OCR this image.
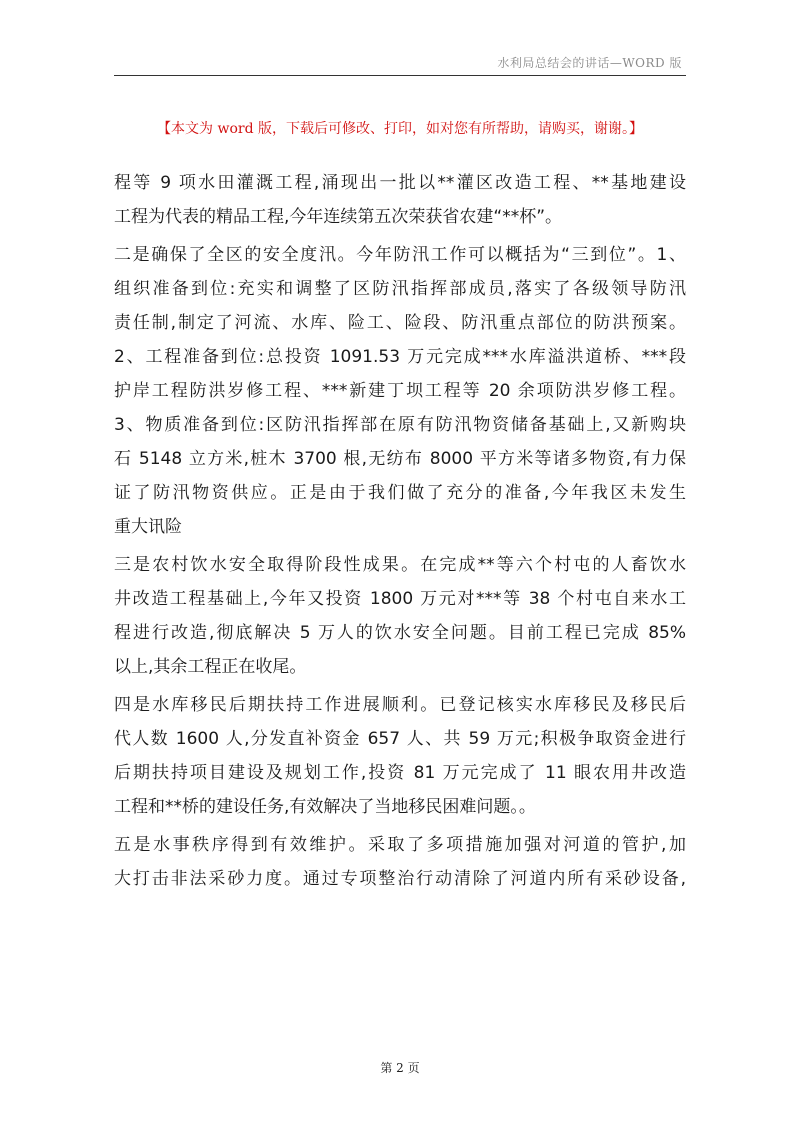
水利局总结会的讲话—WORD 版
【本文为 word 版，下载后可修改、打印，如对您有所帮助，请购买，谢谢。】
程等 9 项水田灌溉工程,涌现出一批以**灌区改造工程、**基地建设
工程为代表的精品工程,今年连续第五次荣获省农建“**杯”。
二是确保了全区的安全度汛。今年防汛工作可以概括为“三到位”。1、
组织准备到位:充实和调整了区防汛指挥部成员,落实了各级领导防汛
责任制,制定了河流、水库、险工、险段、防汛重点部位的防洪预案。
2、工程准备到位:总投资 1091.53 万元完成***水库溢洪道桥、***段
护岸工程防洪岁修工程、***新建丁坝工程等 20 余项防洪岁修工程。
3、物质准备到位:区防汛指挥部在原有防汛物资储备基础上,又新购块
石 5148 立方米,桩木 3700 根,无纺布 8000 平方米等诸多物资,有力保
证了防汛物资供应。正是由于我们做了充分的准备,今年我区未发生
重大讯险
三是农村饮水安全取得阶段性成果。在完成**等六个村屯的人畜饮水
井改造工程基础上,今年又投资 1800 万元对***等 38 个村屯自来水工
程进行改造,彻底解决 5 万人的饮水安全问题。目前工程已完成 85%
以上,其余工程正在收尾。
四是水库移民后期扶持工作进展顺利。已登记核实水库移民及移民后
代人数 1600 人,分发直补资金 657 人、共 59 万元;积极争取资金进行
后期扶持项目建设及规划工作,投资 81 万元完成了 11 眼农用井改造
工程和**桥的建设任务,有效解决了当地移民困难问题。。
五是水事秩序得到有效维护。采取了多项措施加强对河道的管护,加
大打击非法采砂力度。通过专项整治行动清除了河道内所有采砂设备,
第 2 页
